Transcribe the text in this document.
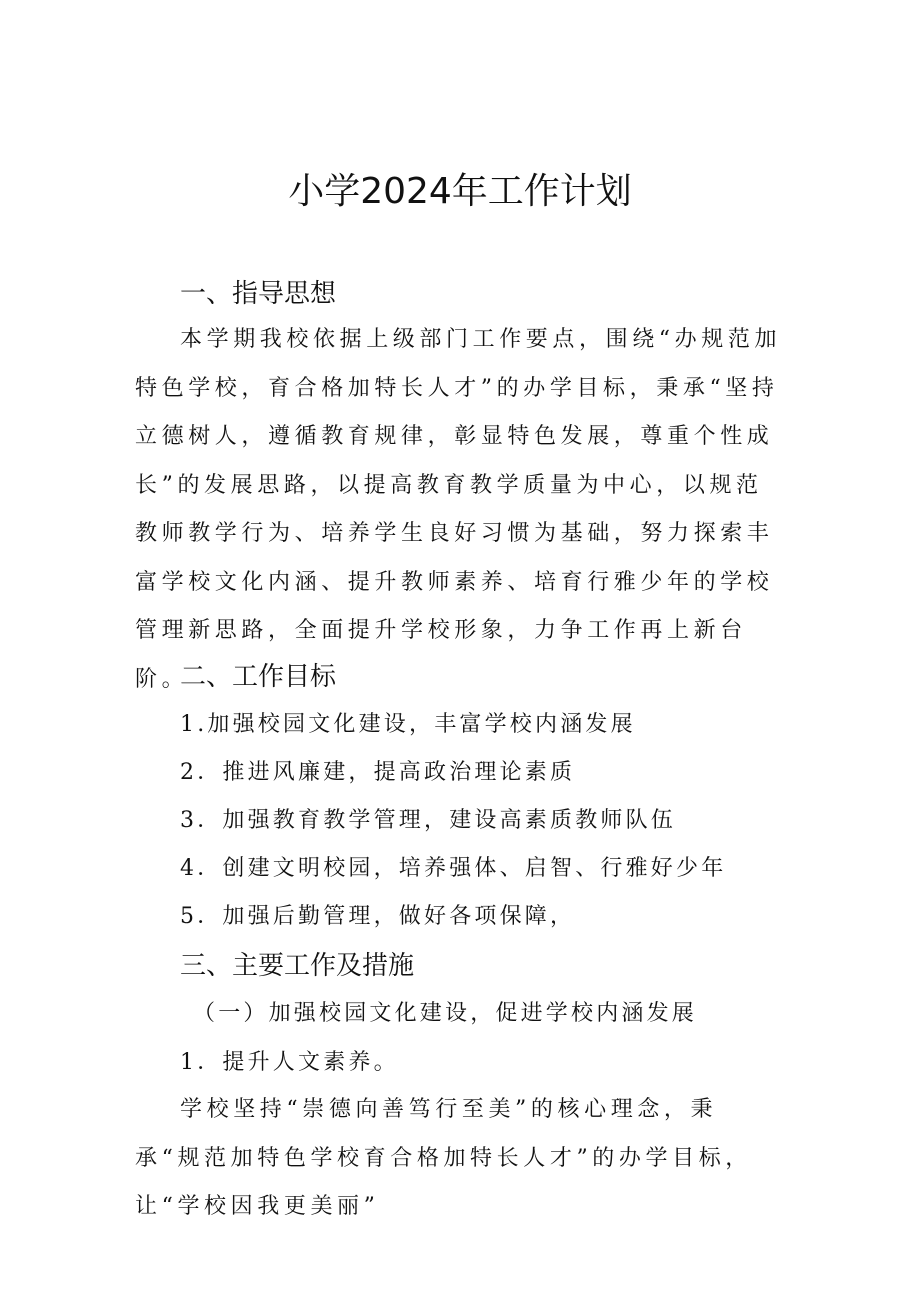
小学2024年工作计划
一、指导思想
本学期我校依据上级部门工作要点，围绕“办规范加特色学校，育合格加特长人才”的办学目标，秉承“坚持立德树人，遵循教育规律，彰显特色发展，尊重个性成长”的发展思路，以提高教育教学质量为中心，以规范教师教学行为、培养学生良好习惯为基础，努力探索丰富学校文化内涵、提升教师素养、培育行雅少年的学校管理新思路，全面提升学校形象，力争工作再上新台阶。
二、工作目标
1.加强校园文化建设，丰富学校内涵发展
2．推进风廉建，提高政治理论素质
3．加强教育教学管理，建设高素质教师队伍
4．创建文明校园，培养强体、启智、行雅好少年
5．加强后勤管理，做好各项保障，
三、主要工作及措施
（一）加强校园文化建设，促进学校内涵发展
1．提升人文素养。
学校坚持“崇德向善笃行至美”的核心理念，秉承“规范加特色学校育合格加特长人才”的办学目标，让“学校因我更美丽”
